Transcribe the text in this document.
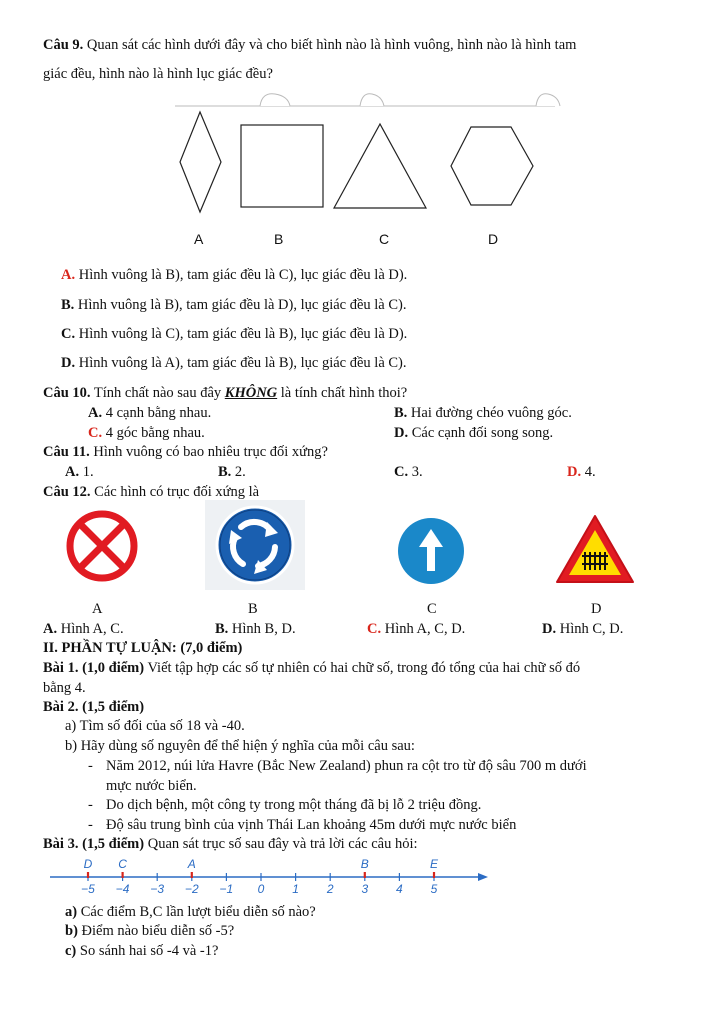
Câu 9. Quan sát các hình dưới đây và cho biết hình nào là hình vuông, hình nào là hình tam
giác đều, hình nào là hình lục giác đều?
A	B	C	D
A. Hình vuông là B), tam giác đều là C), lục giác đều là D).
B. Hình vuông là B), tam giác đều là D), lục giác đều là C).
C. Hình vuông là C), tam giác đều là B), lục giác đều là D).
D. Hình vuông là A), tam giác đều là B), lục giác đều là C).
Câu 10. Tính chất nào sau đây KHÔNG là tính chất hình thoi?
A. 4 cạnh bằng nhau.	B. Hai đường chéo vuông góc.
C. 4 góc bằng nhau.	D. Các cạnh đối song song.
Câu 11. Hình vuông có bao nhiêu trục đối xứng?
A. 1.	B. 2.	C. 3.	D. 4.
Câu 12. Các hình có trục đối xứng là
A	B	C	D
A. Hình A, C.	B. Hình B, D.	C. Hình A, C, D.	D. Hình C, D.
II. PHẦN TỰ LUẬN: (7,0 điểm)
Bài 1. (1,0 điểm) Viết tập hợp các số tự nhiên có hai chữ số, trong đó tổng của hai chữ số đó
bằng 4.
Bài 2. (1,5 điểm)
a) Tìm số đối của số 18 và -40.
b) Hãy dùng số nguyên để thể hiện ý nghĩa của mỗi câu sau:
- Năm 2012, núi lửa Havre (Bắc New Zealand) phun ra cột tro từ độ sâu 700 m dưới
mực nước biển.
- Do dịch bệnh, một công ty trong một tháng đã bị lỗ 2 triệu đồng.
- Độ sâu trung bình của vịnh Thái Lan khoảng 45m dưới mực nước biển
Bài 3. (1,5 điểm) Quan sát trục số sau đây và trả lời các câu hỏi:
−5 −4 −3 −2 −1 0 1 2 3 4 5
D C	A	B	E
a) Các điểm B,C lần lượt biểu diễn số nào?
b) Điểm nào biểu diễn số -5?
c) So sánh hai số -4 và -1?
